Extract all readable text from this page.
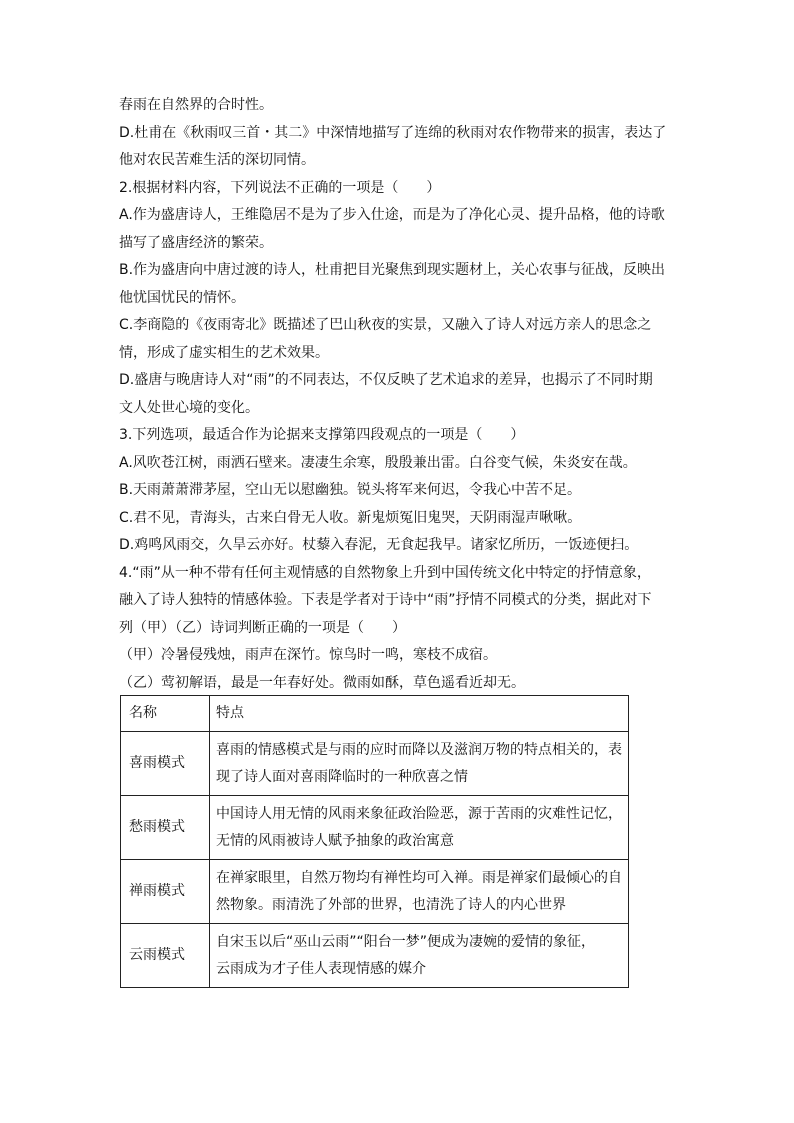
春雨在自然界的合时性。
D.杜甫在《秋雨叹三首・其二》中深情地描写了连绵的秋雨对农作物带来的损害，表达了
他对农民苦难生活的深切同情。
2.根据材料内容，下列说法不正确的一项是（　　）
A.作为盛唐诗人，王维隐居不是为了步入仕途，而是为了净化心灵、提升品格，他的诗歌
描写了盛唐经济的繁荣。
B.作为盛唐向中唐过渡的诗人，杜甫把目光聚焦到现实题材上，关心农事与征战，反映出
他忧国忧民的情怀。
C.李商隐的《夜雨寄北》既描述了巴山秋夜的实景，又融入了诗人对远方亲人的思念之
情，形成了虚实相生的艺术效果。
D.盛唐与晚唐诗人对“雨”的不同表达，不仅反映了艺术追求的差异，也揭示了不同时期
文人处世心境的变化。
3.下列选项，最适合作为论据来支撑第四段观点的一项是（　　）
A.风吹苍江树，雨洒石壁来。凄凄生余寒，殷殷兼出雷。白谷变气候，朱炎安在哉。
B.天雨萧萧滞茅屋，空山无以慰幽独。锐头将军来何迟，令我心中苦不足。
C.君不见，青海头，古来白骨无人收。新鬼烦冤旧鬼哭，天阴雨湿声啾啾。
D.鸡鸣风雨交，久旱云亦好。杖藜入春泥，无食起我早。诸家忆所历，一饭迹便扫。
4.“雨”从一种不带有任何主观情感的自然物象上升到中国传统文化中特定的抒情意象，
融入了诗人独特的情感体验。下表是学者对于诗中“雨”抒情不同模式的分类，据此对下
列（甲）（乙）诗词判断正确的一项是（　　）
（甲）冷暑侵残烛，雨声在深竹。惊鸟时一鸣，寒枝不成宿。
（乙）莺初解语，最是一年春好处。微雨如酥，草色遥看近却无。
名称	特点
喜雨模式	喜雨的情感模式是与雨的应时而降以及滋润万物的特点相关的，表
现了诗人面对喜雨降临时的一种欣喜之情

愁雨模式	中国诗人用无情的风雨来象征政治险恶，源于苦雨的灾难性记忆，
无情的风雨被诗人赋予抽象的政治寓意

禅雨模式	在禅家眼里，自然万物均有禅性均可入禅。雨是禅家们最倾心的自
然物象。雨清洗了外部的世界，也清洗了诗人的内心世界

云雨模式	自宋玉以后“巫山云雨”“阳台一梦”便成为凄婉的爱情的象征，
云雨成为才子佳人表现情感的媒介
